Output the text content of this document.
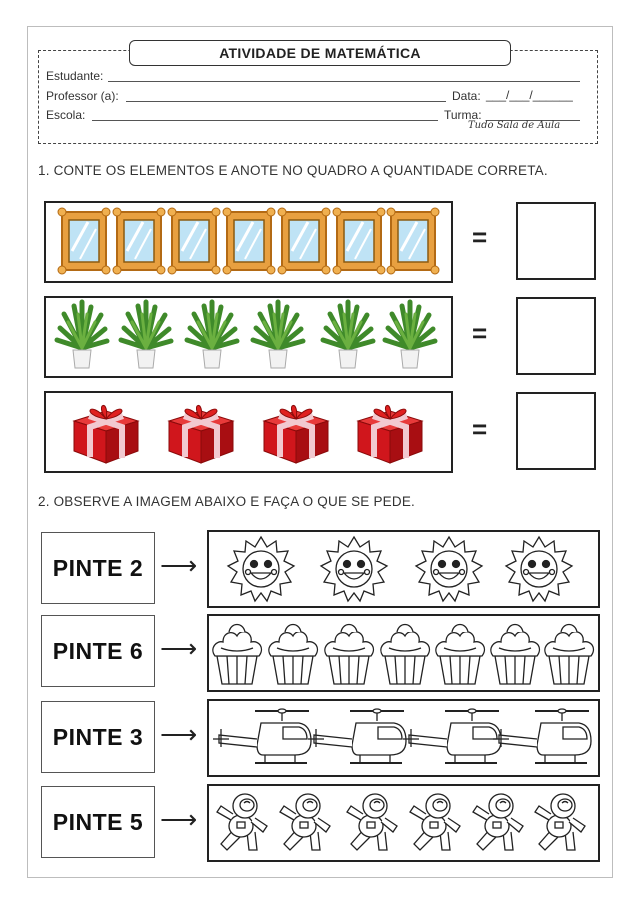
ATIVIDADE DE MATEMÁTICA
Estudante:
Professor (a):	Data: ___/___/______
Escola:	Turma:
Tudo Sala de Aula
1. CONTE OS ELEMENTOS E ANOTE NO QUADRO A QUANTIDADE CORRETA.
=
=
=
2. OBSERVE A IMAGEM ABAIXO E FAÇA O QUE SE PEDE.
PINTE 2 ⟶
PINTE 6 ⟶
PINTE 3 ⟶
PINTE 5 ⟶
